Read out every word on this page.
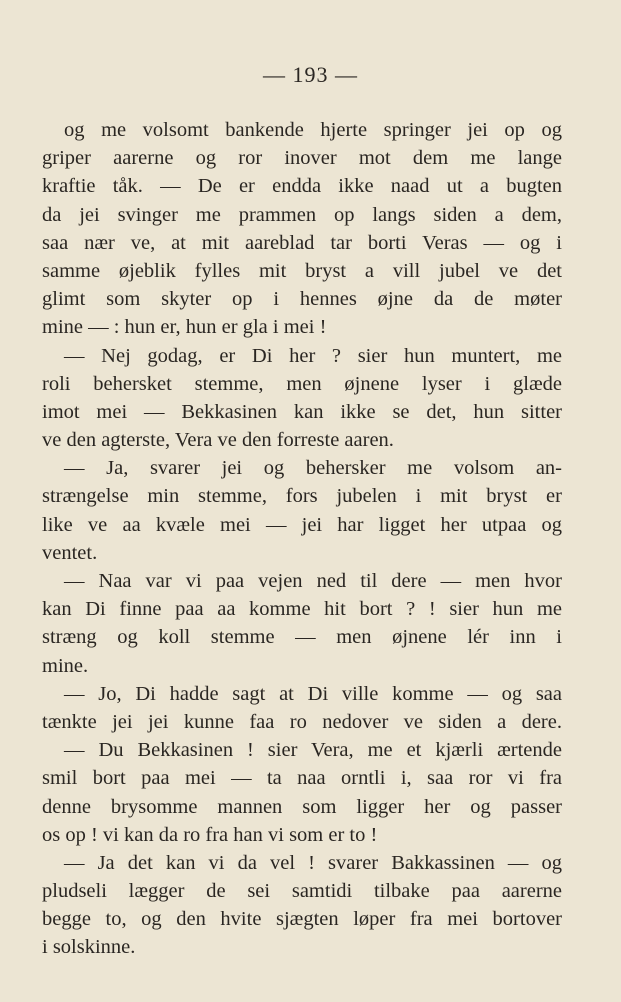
— 193 —
og me volsomt bankende hjerte springer jei op og
griper aarerne og ror inover mot dem me lange
kraftie tåk. — De er endda ikke naad ut a bugten
da jei svinger me prammen op langs siden a dem,
saa nær ve, at mit aareblad tar borti Veras — og i
samme øjeblik fylles mit bryst a vill jubel ve det
glimt som skyter op i hennes øjne da de møter
mine — : hun er, hun er gla i mei !
— Nej godag, er Di her ? sier hun muntert, me
roli behersket stemme, men øjnene lyser i glæde
imot mei — Bekkasinen kan ikke se det, hun sitter
ve den agterste, Vera ve den forreste aaren.
— Ja, svarer jei og behersker me volsom an-
strængelse min stemme, fors jubelen i mit bryst er
like ve aa kvæle mei — jei har ligget her utpaa og
ventet.
— Naa var vi paa vejen ned til dere — men hvor
kan Di finne paa aa komme hit bort ? ! sier hun me
stræng og koll stemme — men øjnene lér inn i
mine.
— Jo, Di hadde sagt at Di ville komme — og saa
tænkte jei jei kunne faa ro nedover ve siden a dere.
— Du Bekkasinen ! sier Vera, me et kjærli ærtende
smil bort paa mei — ta naa orntli i, saa ror vi fra
denne brysomme mannen som ligger her og passer
os op ! vi kan da ro fra han vi som er to !
— Ja det kan vi da vel ! svarer Bakkassinen — og
pludseli lægger de sei samtidi tilbake paa aarerne
begge to, og den hvite sjægten løper fra mei bortover
i solskinne.
